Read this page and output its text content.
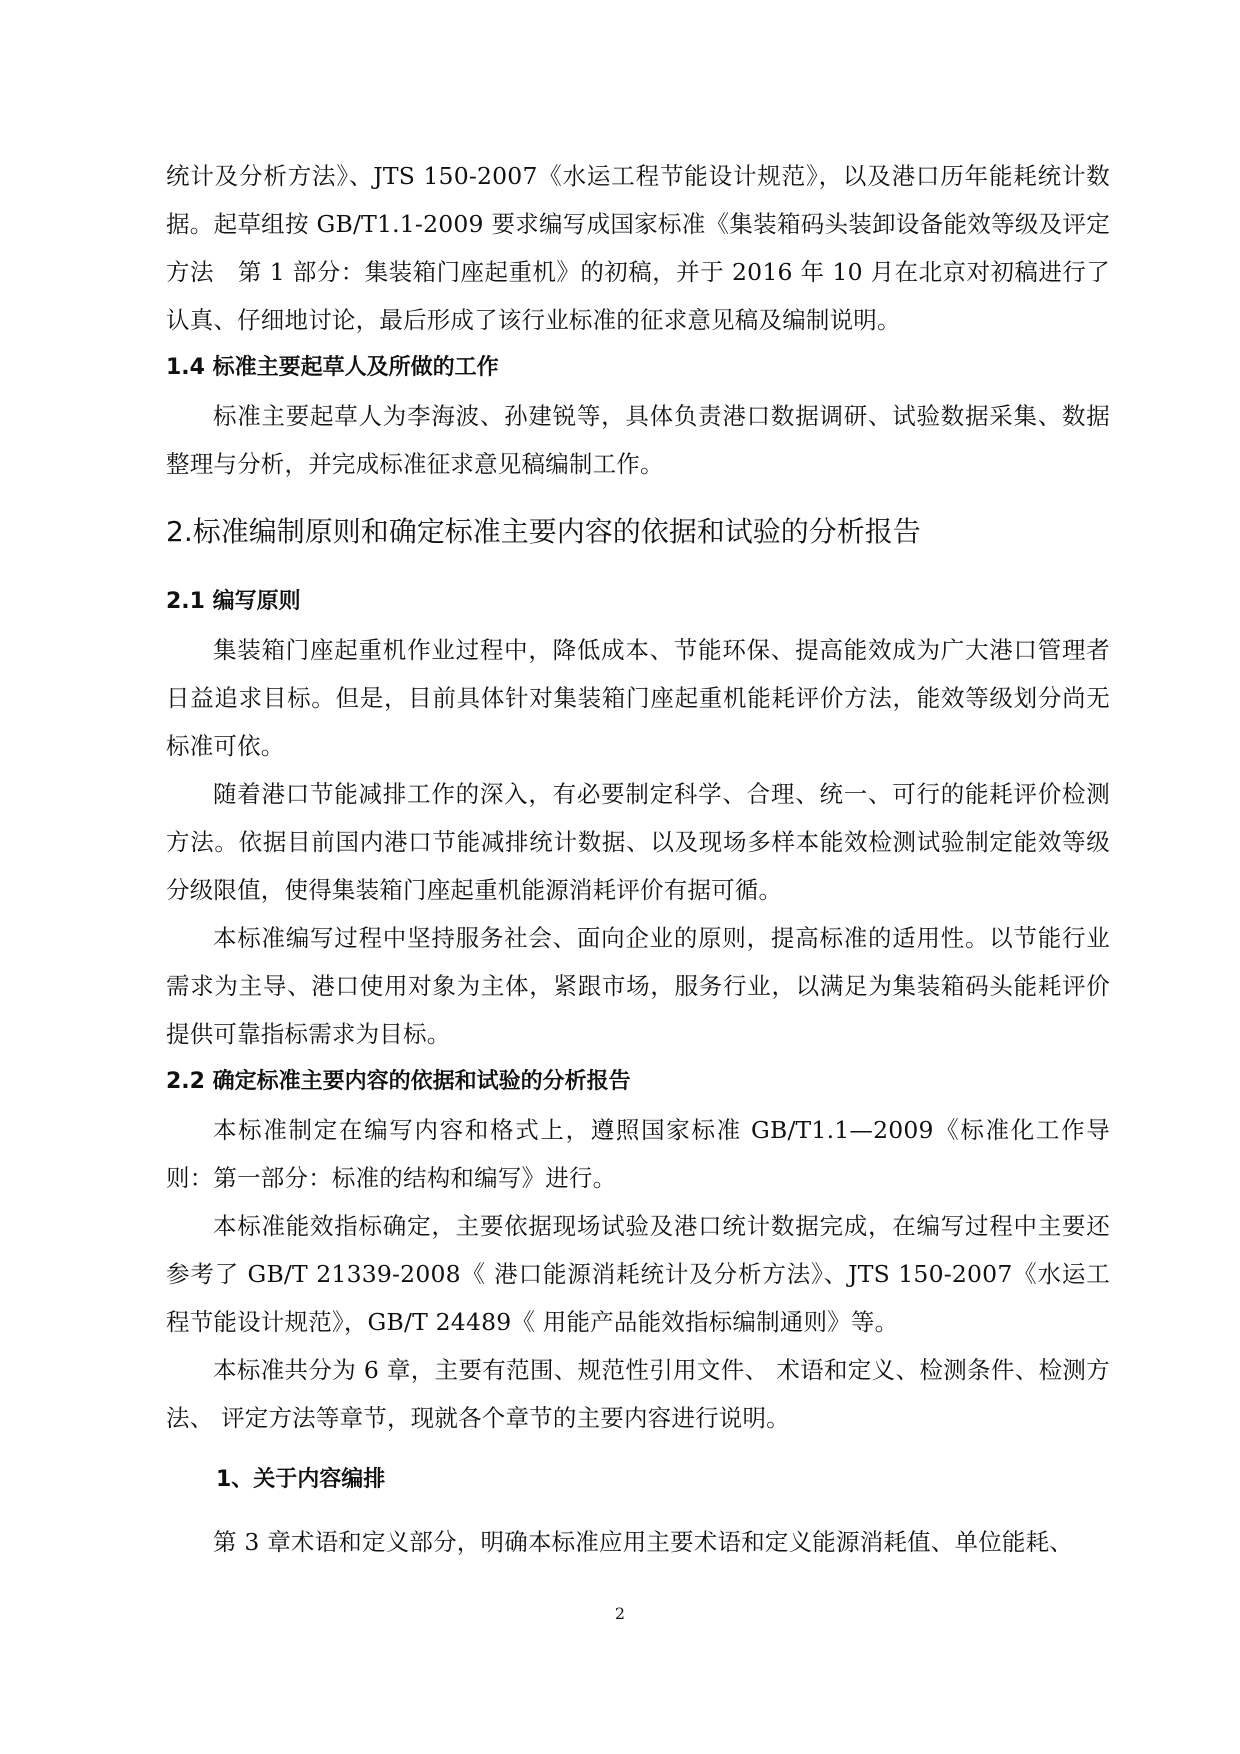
统计及分析方法》、JTS 150-2007《水运工程节能设计规范》，以及港口历年能耗统计数据。起草组按 GB/T1.1-2009 要求编写成国家标准《集装箱码头装卸设备能效等级及评定方法　第 1 部分：集装箱门座起重机》的初稿，并于 2016 年 10 月在北京对初稿进行了认真、仔细地讨论，最后形成了该行业标准的征求意见稿及编制说明。

1.4 标准主要起草人及所做的工作

标准主要起草人为李海波、孙建锐等，具体负责港口数据调研、试验数据采集、数据整理与分析，并完成标准征求意见稿编制工作。

2.标准编制原则和确定标准主要内容的依据和试验的分析报告

2.1 编写原则

集装箱门座起重机作业过程中，降低成本、节能环保、提高能效成为广大港口管理者日益追求目标。但是，目前具体针对集装箱门座起重机能耗评价方法，能效等级划分尚无标准可依。

随着港口节能减排工作的深入，有必要制定科学、合理、统一、可行的能耗评价检测方法。依据目前国内港口节能减排统计数据、以及现场多样本能效检测试验制定能效等级分级限值，使得集装箱门座起重机能源消耗评价有据可循。

本标准编写过程中坚持服务社会、面向企业的原则，提高标准的适用性。以节能行业需求为主导、港口使用对象为主体，紧跟市场，服务行业，以满足为集装箱码头能耗评价提供可靠指标需求为目标。

2.2 确定标准主要内容的依据和试验的分析报告

本标准制定在编写内容和格式上，遵照国家标准 GB/T1.1—2009《标准化工作导则：第一部分：标准的结构和编写》进行。

本标准能效指标确定，主要依据现场试验及港口统计数据完成，在编写过程中主要还参考了 GB/T 21339-2008《 港口能源消耗统计及分析方法》、JTS 150-2007《水运工程节能设计规范》，GB/T 24489《 用能产品能效指标编制通则》等。

本标准共分为 6 章，主要有范围、规范性引用文件、 术语和定义、检测条件、检测方法、 评定方法等章节，现就各个章节的主要内容进行说明。

1、关于内容编排

第 3 章术语和定义部分，明确本标准应用主要术语和定义能源消耗值、单位能耗、

2
